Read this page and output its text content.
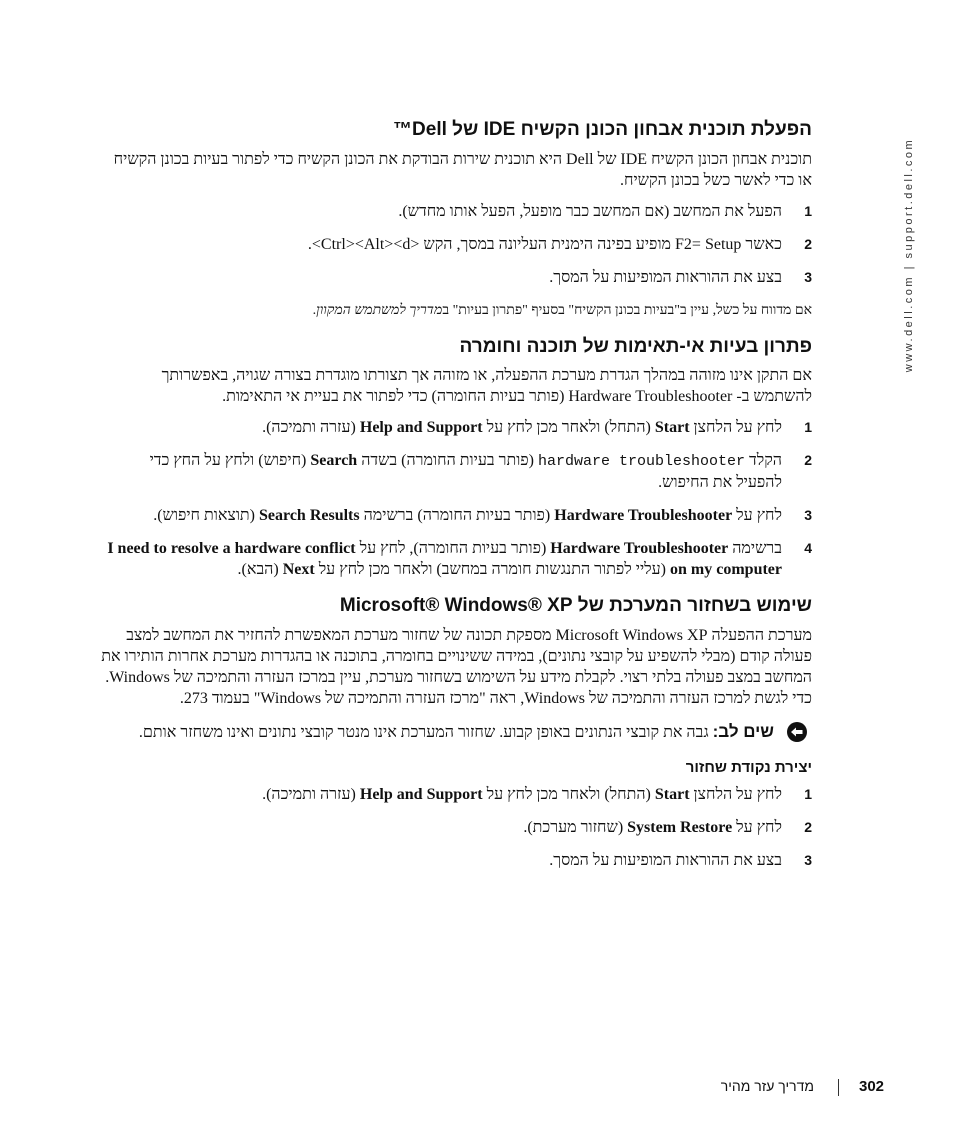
www.dell.com | support.dell.com
הפעלת תוכנית אבחון הכונן הקשיח IDE של Dell™

תוכנית אבחון הכונן הקשיח IDE של Dell היא תוכנית שירות הבודקת את הכונן הקשיח כדי לפתור בעיות בכונן הקשיח או כדי לאשר כשל בכונן הקשיח.

1
הפעל את המחשב (אם המחשב כבר מופעל, הפעל אותו מחדש).
2
כאשר F2= Setup מופיע בפינה הימנית העליונה במסך, הקש <Ctrl><Alt><d>.
3
בצע את ההוראות המופיעות על המסך.

אם מדווח על כשל, עיין ב"בעיות בכונן הקשיח" בסעיף "פתרון בעיות" במדריך למשתמש המקוון.

פתרון בעיות אי-תאימות של תוכנה וחומרה

אם התקן אינו מזוהה במהלך הגדרת מערכת ההפעלה, או מזוהה אך תצורתו מוגדרת בצורה שגויה, באפשרותך להשתמש ב- Hardware Troubleshooter (פותר בעיות החומרה) כדי לפתור את בעיית אי התאימות.

1
לחץ על הלחצן Start (התחל) ולאחר מכן לחץ על Help and Support (עזרה ותמיכה).
2
הקלד hardware troubleshooter (פותר בעיות החומרה) בשדה Search (חיפוש) ולחץ על החץ כדי להפעיל את החיפוש.
3
לחץ על Hardware Troubleshooter (פותר בעיות החומרה) ברשימה Search Results (תוצאות חיפוש).
4
ברשימה Hardware Troubleshooter (פותר בעיות החומרה), לחץ על I need to resolve a hardware conflict on my computer (עליי לפתור התנגשות חומרה במחשב) ולאחר מכן לחץ על Next (הבא).
שימוש בשחזור המערכת של Microsoft® Windows® XP

מערכת ההפעלה Microsoft Windows XP מספקת תכונה של שחזור מערכת המאפשרת להחזיר את המחשב למצב פעולה קודם (מבלי להשפיע על קובצי נתונים), במידה ששינויים בחומרה, בתוכנה או בהגדרות מערכת אחרות הותירו את המחשב במצב פעולה בלתי רצוי. לקבלת מידע על השימוש בשחזור מערכת, עיין במרכז העזרה והתמיכה של Windows. כדי לגשת למרכז העזרה והתמיכה של Windows, ראה "מרכז העזרה והתמיכה של Windows" בעמוד 273.

שים לב: גבה את קובצי הנתונים באופן קבוע. שחזור המערכת אינו מנטר קובצי נתונים ואינו משחזר אותם.
יצירת נקודת שחזור
1
לחץ על הלחצן Start (התחל) ולאחר מכן לחץ על Help and Support (עזרה ותמיכה).
2
לחץ על System Restore (שחזור מערכת).
3
בצע את ההוראות המופיעות על המסך.
302
מדריך עזר מהיר
